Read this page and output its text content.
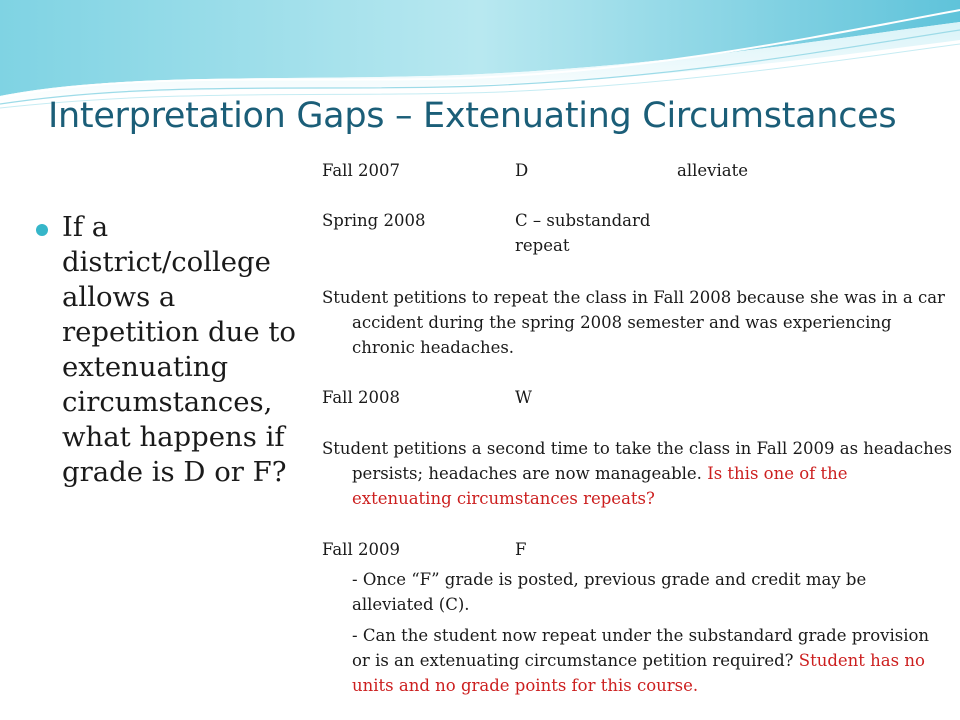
Interpretation Gaps – Extenuating Circumstances
If a district/college allows a repetition due to extenuating circumstances, what happens if grade is D or F?
Fall 2007	D	alleviate
Spring 2008	C – substandard
repeat
Student petitions to repeat the class in Fall 2008 because she was in a car accident during the spring 2008 semester and was experiencing chronic headaches.
Fall 2008	W
Student petitions a second time to take the class in Fall 2009 as headaches persists; headaches are now manageable. Is this one of the extenuating circumstances repeats?
Fall 2009	F
- Once “F” grade is posted, previous grade and credit may be alleviated (C).
- Can the student now repeat under the substandard grade provision or is an extenuating circumstance petition required? Student has no units and no grade points for this course.
